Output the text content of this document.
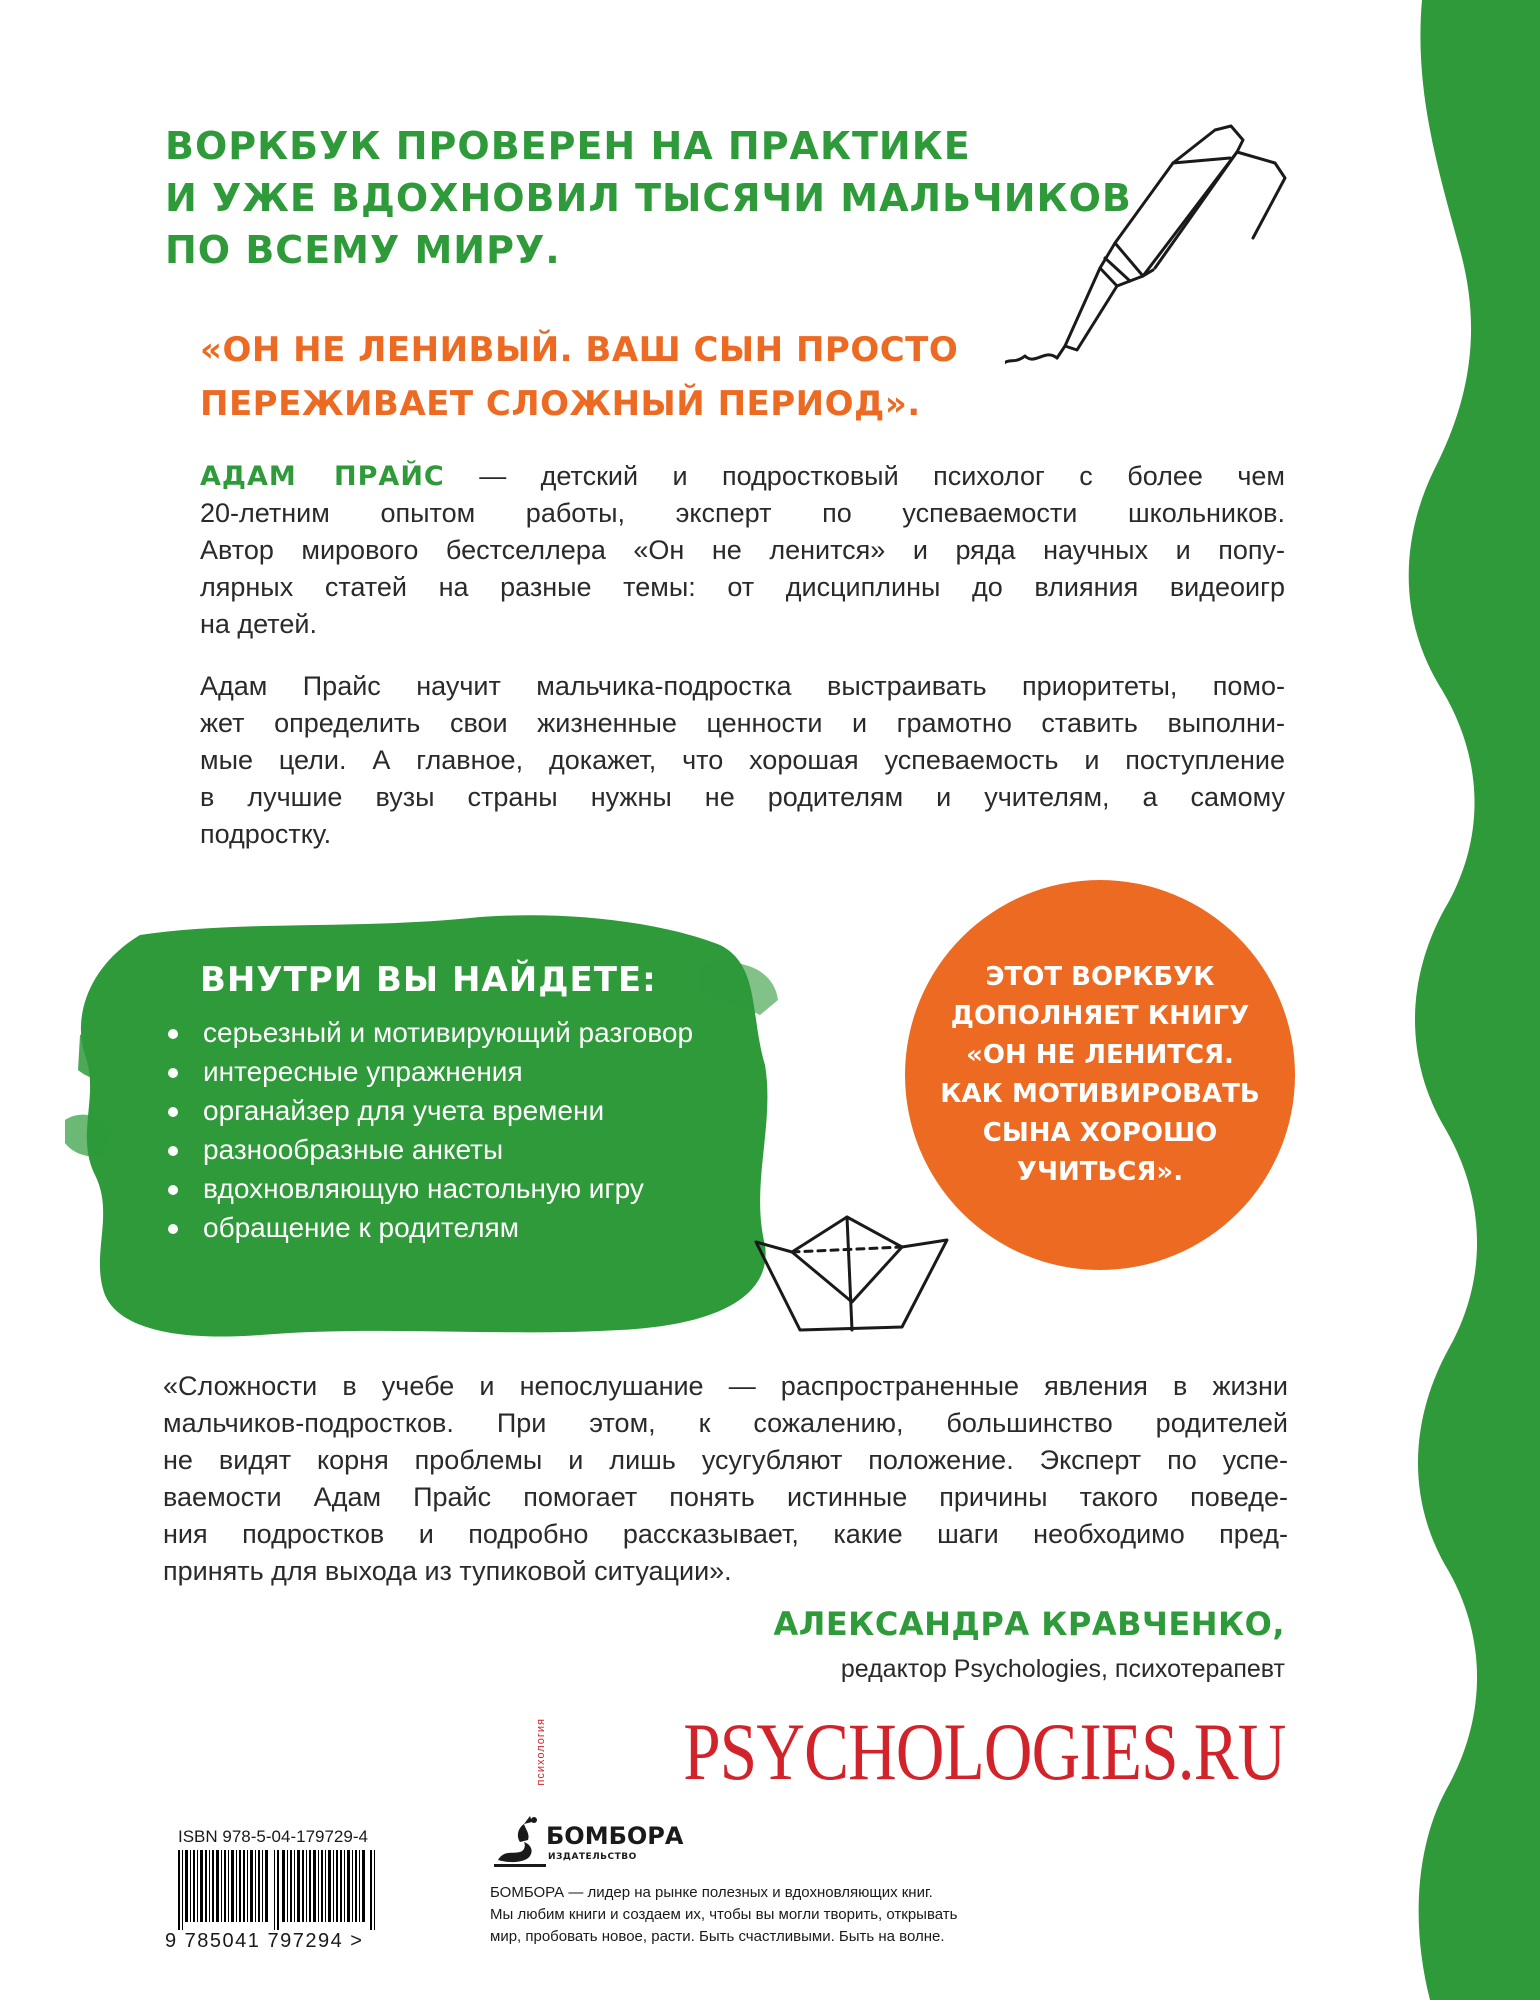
ВОРКБУК ПРОВЕРЕН НА ПРАКТИКЕ
И УЖЕ ВДОХНОВИЛ ТЫСЯЧИ МАЛЬЧИКОВ
ПО ВСЕМУ МИРУ.
«ОН НЕ ЛЕНИВЫЙ. ВАШ СЫН ПРОСТО
ПЕРЕЖИВАЕТ СЛОЖНЫЙ ПЕРИОД».
АДАМ ПРАЙС — детский и подростковый психолог с более чем
20-летним опытом работы, эксперт по успеваемости школьников.
Автор мирового бестселлера «Он не ленится» и ряда научных и попу-
лярных статей на разные темы: от дисциплины до влияния видеоигр
на детей.
Адам Прайс научит мальчика-подростка выстраивать приоритеты, помо-
жет определить свои жизненные ценности и грамотно ставить выполни-
мые цели. А главное, докажет, что хорошая успеваемость и поступление
в лучшие вузы страны нужны не родителям и учителям, а самому
подростку.
ВНУТРИ ВЫ НАЙДЕТЕ:
серьезный и мотивирующий разговор
интересные упражнения
органайзер для учета времени
разнообразные анкеты
вдохновляющую настольную игру
обращение к родителям
ЭТОТ ВОРКБУК
ДОПОЛНЯЕТ КНИГУ
«ОН НЕ ЛЕНИТСЯ.
КАК МОТИВИРОВАТЬ
СЫНА ХОРОШО
УЧИТЬСЯ».
«Сложности в учебе и непослушание — распространенные явления в жизни
мальчиков-подростков. При этом, к сожалению, большинство родителей
не видят корня проблемы и лишь усугубляют положение. Эксперт по успе-
ваемости Адам Прайс помогает понять истинные причины такого поведе-
ния подростков и подробно рассказывает, какие шаги необходимо пред-
принять для выхода из тупиковой ситуации».
АЛЕКСАНДРА КРАВЧЕНКО,
редактор Psychologies, психотерапевт
психология PSYCHOLOGIES.RU
ISBN 978-5-04-179729-4
9 785041 797294 >
БОМБОРА
ИЗДАТЕЛЬСТВО
БОМБОРА — лидер на рынке полезных и вдохновляющих книг.
Мы любим книги и создаем их, чтобы вы могли творить, открывать
мир, пробовать новое, расти. Быть счастливыми. Быть на волне.
